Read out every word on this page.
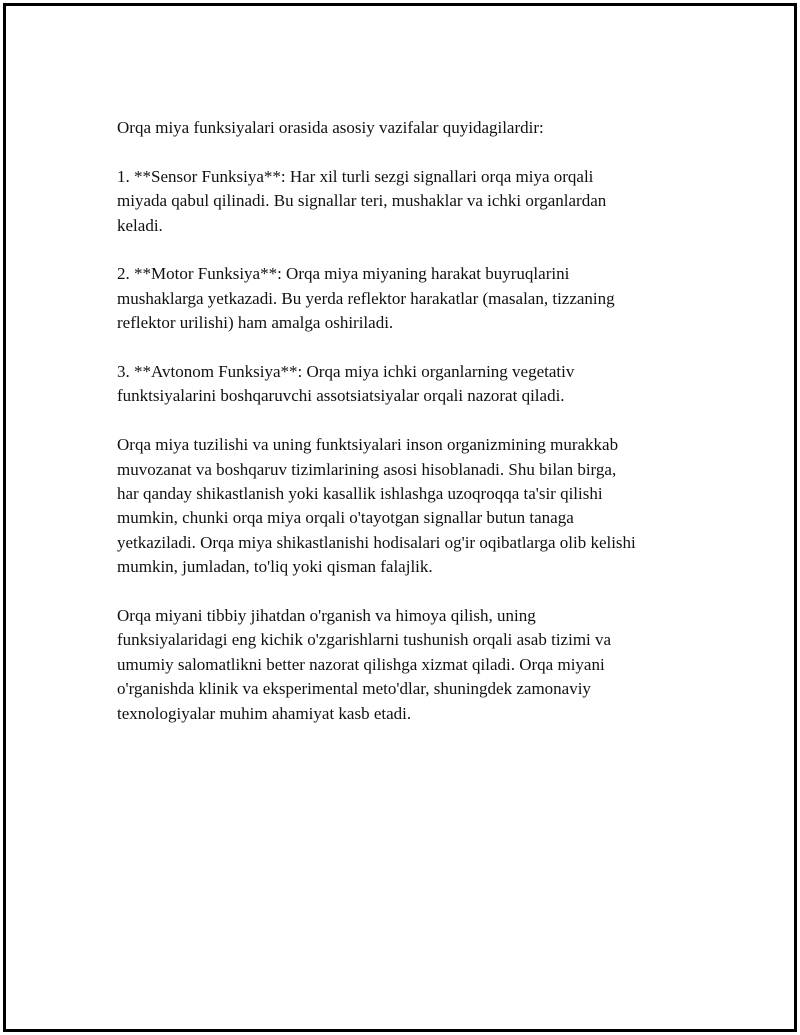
Orqa miya funksiyalari orasida asosiy vazifalar quyidagilardir:

1. **Sensor Funksiya**: Har xil turli sezgi signallari orqa miya orqali
miyada qabul qilinadi. Bu signallar teri, mushaklar va ichki organlardan
keladi.

2. **Motor Funksiya**: Orqa miya miyaning harakat buyruqlarini
mushaklarga yetkazadi. Bu yerda reflektor harakatlar (masalan, tizzaning
reflektor urilishi) ham amalga oshiriladi.

3. **Avtonom Funksiya**: Orqa miya ichki organlarning vegetativ
funktsiyalarini boshqaruvchi assotsiatsiyalar orqali nazorat qiladi.

Orqa miya tuzilishi va uning funktsiyalari inson organizmining murakkab
muvozanat va boshqaruv tizimlarining asosi hisoblanadi. Shu bilan birga,
har qanday shikastlanish yoki kasallik ishlashga uzoqroqqa ta'sir qilishi
mumkin, chunki orqa miya orqali o'tayotgan signallar butun tanaga
yetkaziladi. Orqa miya shikastlanishi hodisalari og'ir oqibatlarga olib kelishi
mumkin, jumladan, to'liq yoki qisman falajlik.

Orqa miyani tibbiy jihatdan o'rganish va himoya qilish, uning
funksiyalaridagi eng kichik o'zgarishlarni tushunish orqali asab tizimi va
umumiy salomatlikni better nazorat qilishga xizmat qiladi. Orqa miyani
o'rganishda klinik va eksperimental meto'dlar, shuningdek zamonaviy
texnologiyalar muhim ahamiyat kasb etadi.
